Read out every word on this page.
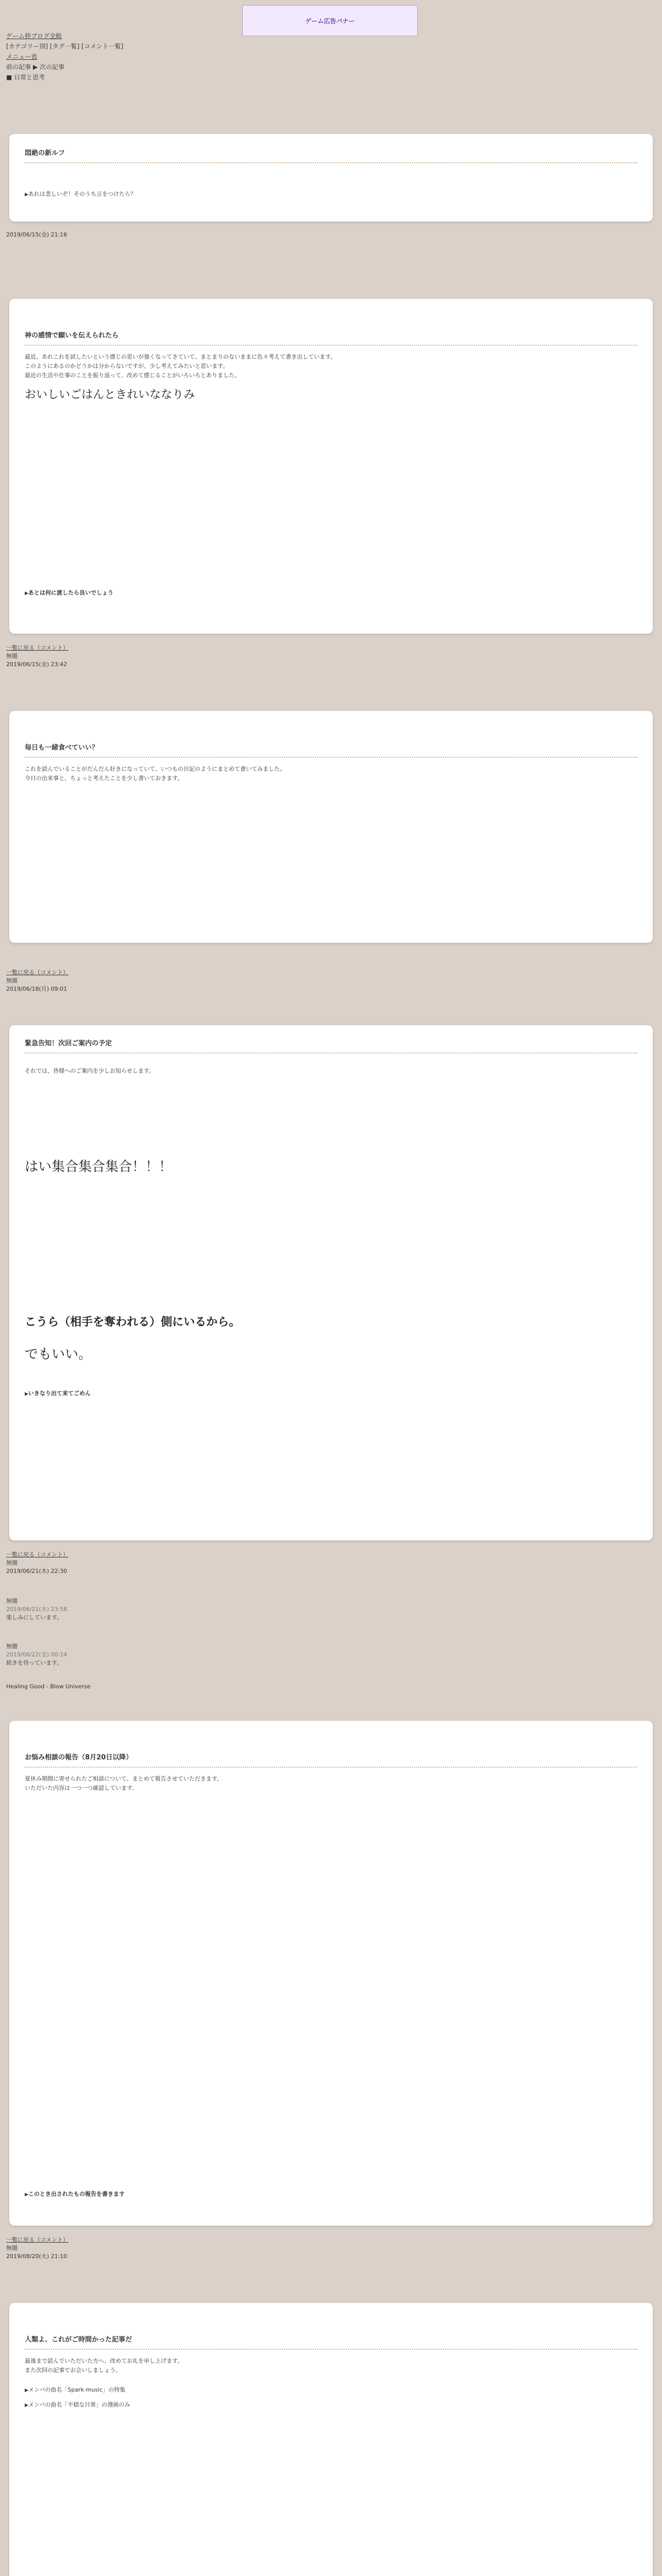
ゲーム広告バナー
ゲーム枠ブログ全般
[カテゴリー別] [タグ一覧] [コメント一覧]
メニュー表
前の記事 ▶ 次の記事
■ 日常と思考
悶絶の新ルフ
▶ あれは悲しいぞ！そのうち言をつけたら？
2019/06/15(金) 21:16
神の感情で願いを伝えられたら
最近、あれこれを試したいという感じの思いが強くなってきていて、まとまりのないままに色々考えて書き出しています。
このようにあるのかどうかは分からないですが、少し考えてみたいと思います。
最近の生活や仕事のことを振り返って、改めて感じることがいろいろとありました。
おいしいごはんときれいななりみ
▶ あとは何に渡したら良いでしょう
一覧に戻る（コメント）
無題
2019/06/15(金) 23:42
毎日も一緒食べていい？
これを読んでいることがだんだん好きになっていて、いつもの日記のようにまとめて書いてみました。
今日の出来事と、ちょっと考えたことを少し書いておきます。
一覧に戻る（コメント）
無題
2019/06/18(月) 09:01
緊急告知！次回ご案内の予定
それでは、皆様へのご案内を少しお知らせします。
はい集合集合集合！！！
こうら（相手を奪われる）側にいるから。
でもいい。
▶ いきなり出て来てごめん
一覧に戻る（コメント）
無題
2019/06/21(木) 22:30
無題
2019/06/21(木) 23:58
楽しみにしています。
無題
2019/06/22(金) 00:14
続きを待っています。
Healing Good - Blow Universe
お悩み相談の報告（8月20日以降）
夏休み期間に寄せられたご相談について、まとめて報告させていただきます。
いただいた内容は一つ一つ確認しています。
▶ このとき出されたもの報告を書きます
一覧に戻る（コメント）
無題
2019/08/20(火) 21:10
人類よ、これがご時間かった記事だ
最後まで読んでいただいた方へ、改めてお礼を申し上げます。
また次回の記事でお会いしましょう。
▶ メンバの曲名「Spark-music」の特集
▶ メンバの曲名「平穏な日常」の漫画のみ
